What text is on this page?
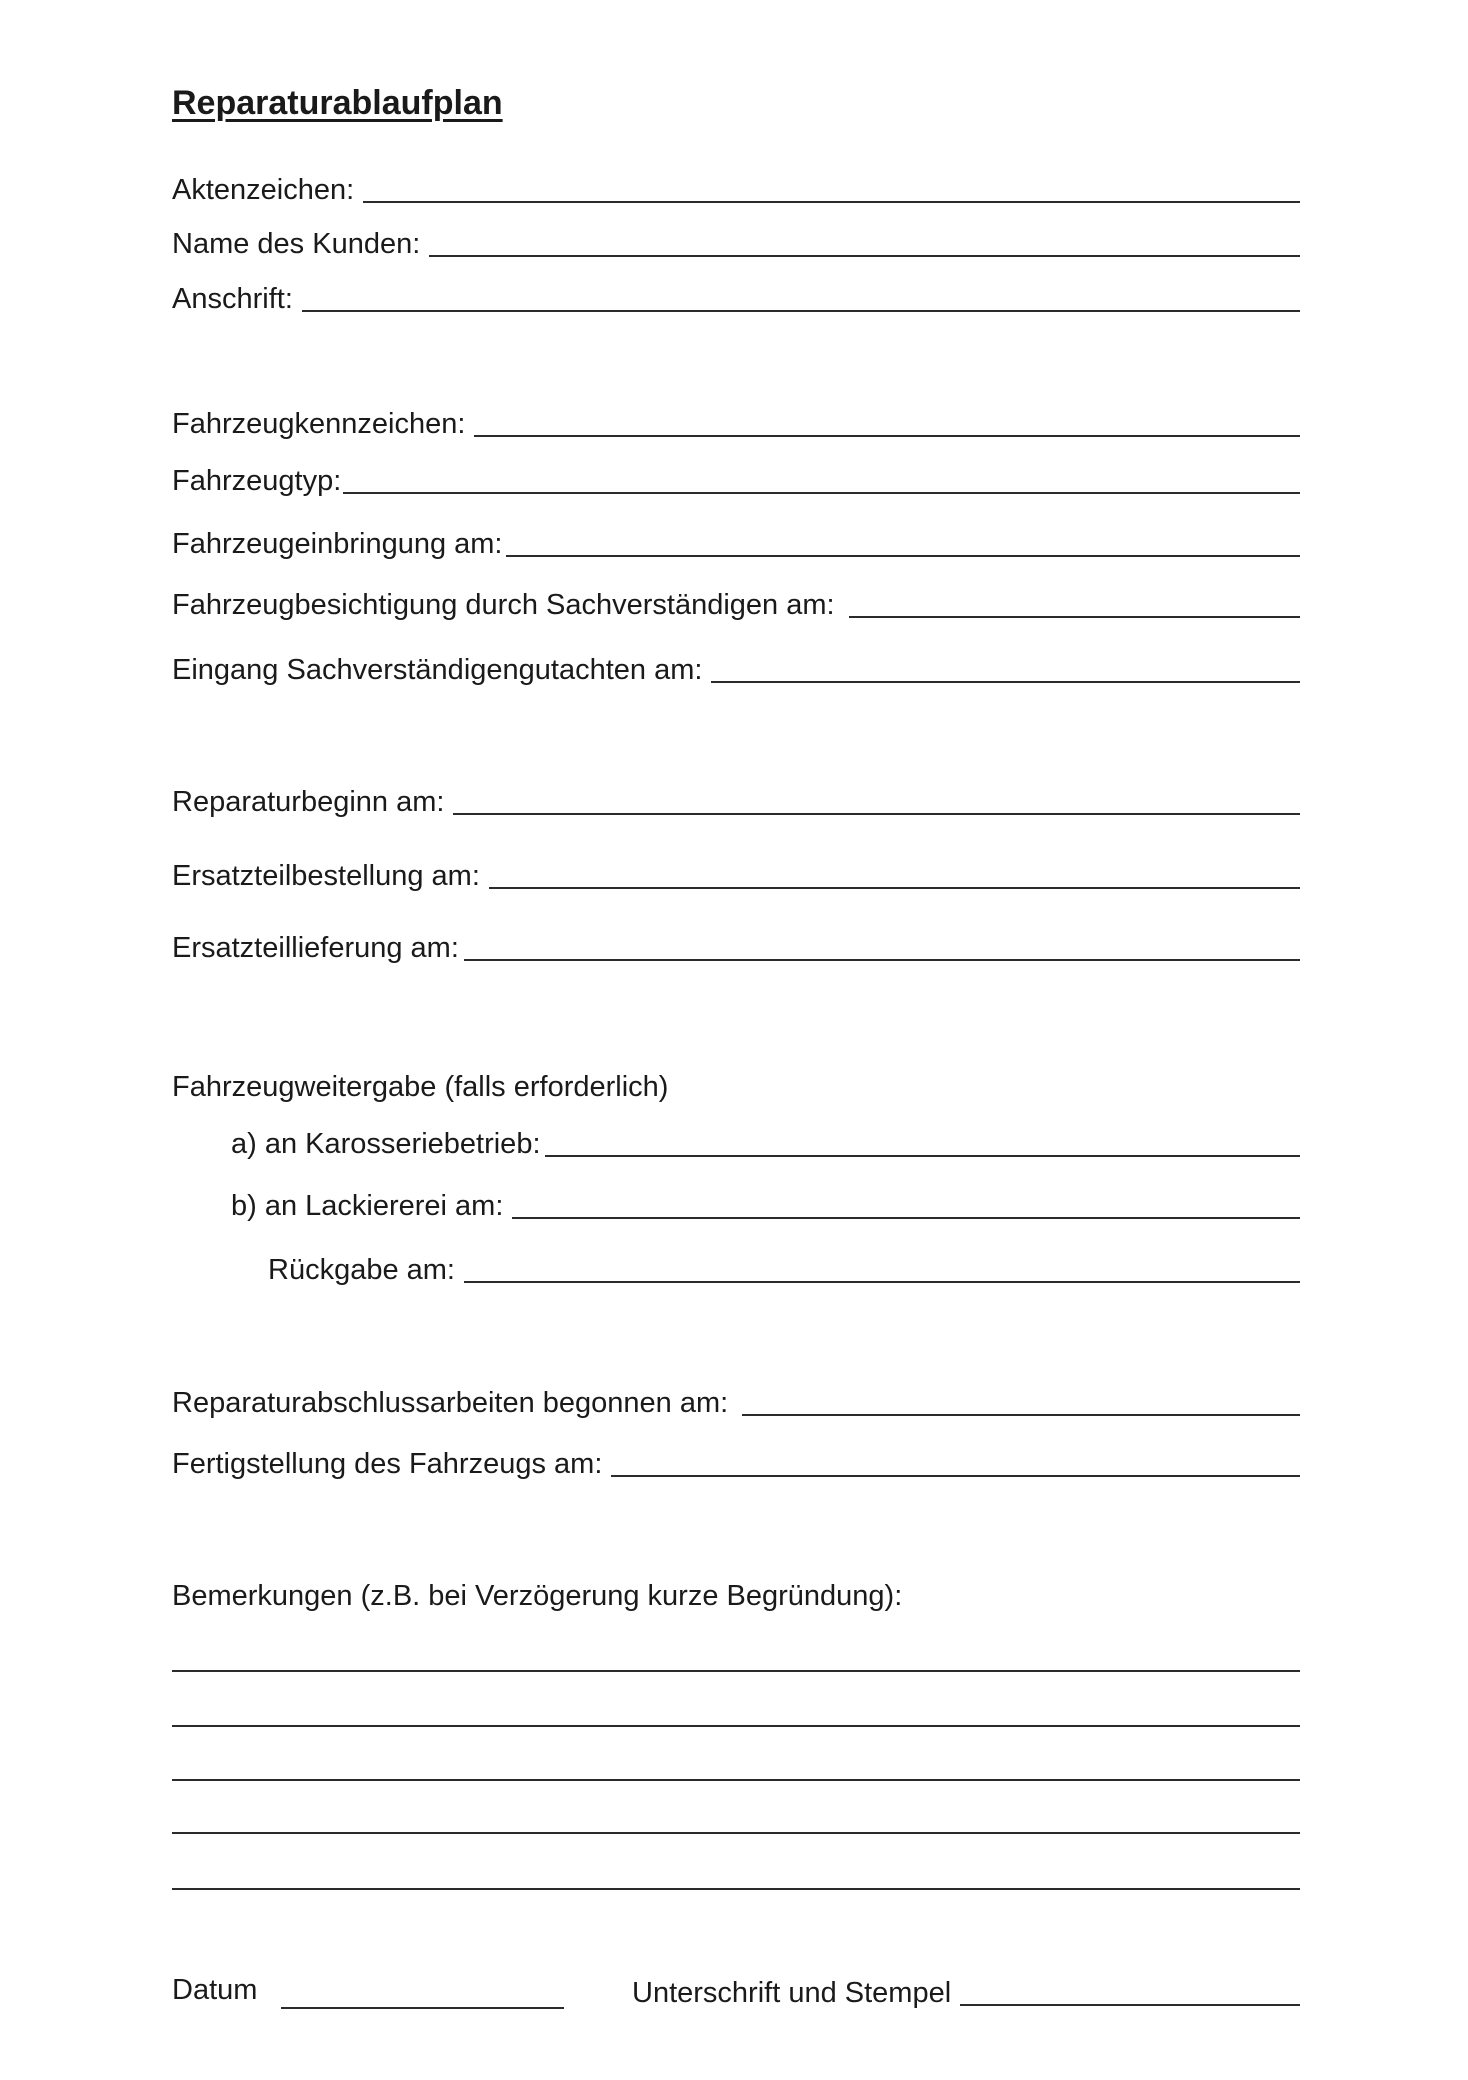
Reparaturablaufplan
Aktenzeichen:
Name des Kunden:
Anschrift:
Fahrzeugkennzeichen:
Fahrzeugtyp:
Fahrzeugeinbringung am:
Fahrzeugbesichtigung durch Sachverständigen am:
Eingang Sachverständigengutachten am:
Reparaturbeginn am:
Ersatzteilbestellung am:
Ersatzteillieferung am:
Fahrzeugweitergabe (falls erforderlich)
a) an Karosseriebetrieb:
b) an Lackiererei am:
Rückgabe am:
Reparaturabschlussarbeiten begonnen am:
Fertigstellung des Fahrzeugs am:
Bemerkungen (z.B. bei Verzögerung kurze Begründung):
Datum	Unterschrift und Stempel
